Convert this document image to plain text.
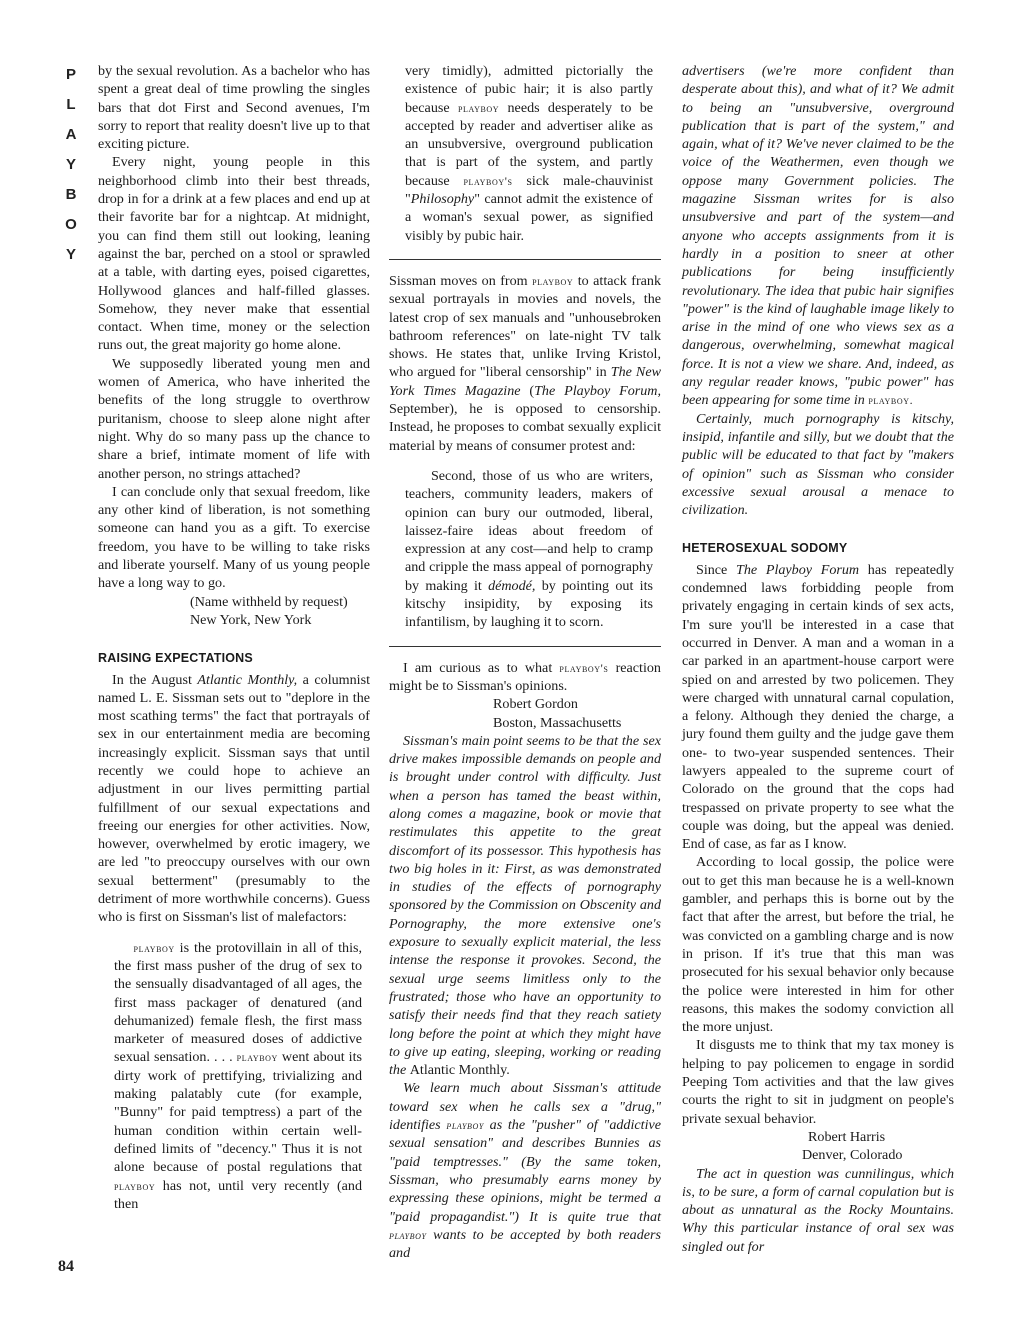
P
L
A
Y
B
O
Y
84

by the sexual revolution. As a bachelor who has spent a great deal of time prowling the singles bars that dot First and Second avenues, I'm sorry to report that reality doesn't live up to that exciting picture.

Every night, young people in this neighborhood climb into their best threads, drop in for a drink at a few places and end up at their favorite bar for a nightcap. At midnight, you can find them still out looking, leaning against the bar, perched on a stool or sprawled at a table, with darting eyes, poised cigarettes, Hollywood glances and half-filled glasses. Somehow, they never make that essential contact. When time, money or the selection runs out, the great majority go home alone.

We supposedly liberated young men and women of America, who have inherited the benefits of the long struggle to overthrow puritanism, choose to sleep alone night after night. Why do so many pass up the chance to share a brief, intimate moment of life with another person, no strings attached?

I can conclude only that sexual freedom, like any other kind of liberation, is not something someone can hand you as a gift. To exercise freedom, you have to be willing to take risks and liberate yourself. Many of us young people have a long way to go.

(Name withheld by request)
New York, New York
RAISING EXPECTATIONS

In the August Atlantic Monthly, a columnist named L. E. Sissman sets out to "deplore in the most scathing terms" the fact that portrayals of sex in our entertainment media are becoming increasingly explicit. Sissman says that until recently we could hope to achieve an adjustment in our lives permitting partial fulfillment of our sexual expectations and freeing our energies for other activities. Now, however, overwhelmed by erotic imagery, we are led "to preoccupy ourselves with our own sexual betterment" (presumably to the detriment of more worthwhile concerns). Guess who is first on Sissman's list of malefactors:

playboy is the protovillain in all of this, the first mass pusher of the drug of sex to the sensually disadvantaged of all ages, the first mass packager of denatured (and dehumanized) female flesh, the first mass marketer of measured doses of addictive sexual sensation. . . . playboy went about its dirty work of prettifying, trivializing and making palatably cute (for example, "Bunny" for paid temptress) a part of the human condition within certain well-defined limits of "decency." Thus it is not alone because of postal regulations that playboy has not, until very recently (and then

very timidly), admitted pictorially the existence of pubic hair; it is also partly because playboy needs desperately to be accepted by reader and advertiser alike as an unsubversive, overground publication that is part of the system, and partly because playboy's sick male-chauvinist "Philosophy" cannot admit the existence of a woman's sexual power, as signified visibly by pubic hair.

Sissman moves on from playboy to attack frank sexual portrayals in movies and novels, the latest crop of sex manuals and "unhousebroken bathroom references" on late-night TV talk shows. He states that, unlike Irving Kristol, who argued for "liberal censorship" in The New York Times Magazine (The Playboy Forum, September), he is opposed to censorship. Instead, he proposes to combat sexually explicit material by means of consumer protest and:

Second, those of us who are writers, teachers, community leaders, makers of opinion can bury our outmoded, liberal, laissez-faire ideas about freedom of expression at any cost—and help to cramp and cripple the mass appeal of pornography by making it démodé, by pointing out its kitschy insipidity, by exposing its infantilism, by laughing it to scorn.

I am curious as to what playboy's reaction might be to Sissman's opinions.

Robert Gordon
Boston, Massachusetts

Sissman's main point seems to be that the sex drive makes impossible demands on people and is brought under control with difficulty. Just when a person has tamed the beast within, along comes a magazine, book or movie that restimulates this appetite to the great discomfort of its possessor. This hypothesis has two big holes in it: First, as was demonstrated in studies of the effects of pornography sponsored by the Commission on Obscenity and Pornography, the more extensive one's exposure to sexually explicit material, the less intense the response it provokes. Second, the sexual urge seems limitless only to the frustrated; those who have an opportunity to satisfy their needs find that they reach satiety long before the point at which they might have to give up eating, sleeping, working or reading the Atlantic Monthly.

We learn much about Sissman's attitude toward sex when he calls sex a "drug," identifies playboy as the "pusher" of "addictive sexual sensation" and describes Bunnies as "paid temptresses." (By the same token, Sissman, who presumably earns money by expressing these opinions, might be termed a "paid propagandist.") It is quite true that playboy wants to be accepted by both readers and

advertisers (we're more confident than desperate about this), and what of it? We admit to being an "unsubversive, overground publication that is part of the system," and again, what of it? We've never claimed to be the voice of the Weathermen, even though we oppose many Government policies. The magazine Sissman writes for is also unsubversive and part of the system—and anyone who accepts assignments from it is hardly in a position to sneer at other publications for being insufficiently revolutionary. The idea that pubic hair signifies "power" is the kind of laughable image likely to arise in the mind of one who views sex as a dangerous, overwhelming, somewhat magical force. It is not a view we share. And, indeed, as any regular reader knows, "pubic power" has been appearing for some time in playboy.

Certainly, much pornography is kitschy, insipid, infantile and silly, but we doubt that the public will be educated to that fact by "makers of opinion" such as Sissman who consider excessive sexual arousal a menace to civilization.

HETEROSEXUAL SODOMY

Since The Playboy Forum has repeatedly condemned laws forbidding people from privately engaging in certain kinds of sex acts, I'm sure you'll be interested in a case that occurred in Denver. A man and a woman in a car parked in an apartment-house carport were spied on and arrested by two policemen. They were charged with unnatural carnal copulation, a felony. Although they denied the charge, a jury found them guilty and the judge gave them one- to two-year suspended sentences. Their lawyers appealed to the supreme court of Colorado on the ground that the cops had trespassed on private property to see what the couple was doing, but the appeal was denied. End of case, as far as I know.

According to local gossip, the police were out to get this man because he is a well-known gambler, and perhaps this is borne out by the fact that after the arrest, but before the trial, he was convicted on a gambling charge and is now in prison. If it's true that this man was prosecuted for his sexual behavior only because the police were interested in him for other reasons, this makes the sodomy conviction all the more unjust.

It disgusts me to think that my tax money is helping to pay policemen to engage in sordid Peeping Tom activities and that the law gives courts the right to sit in judgment on people's private sexual behavior.

Robert Harris
Denver, Colorado

The act in question was cunnilingus, which is, to be sure, a form of carnal copulation but is about as unnatural as the Rocky Mountains. Why this particular instance of oral sex was singled out for
